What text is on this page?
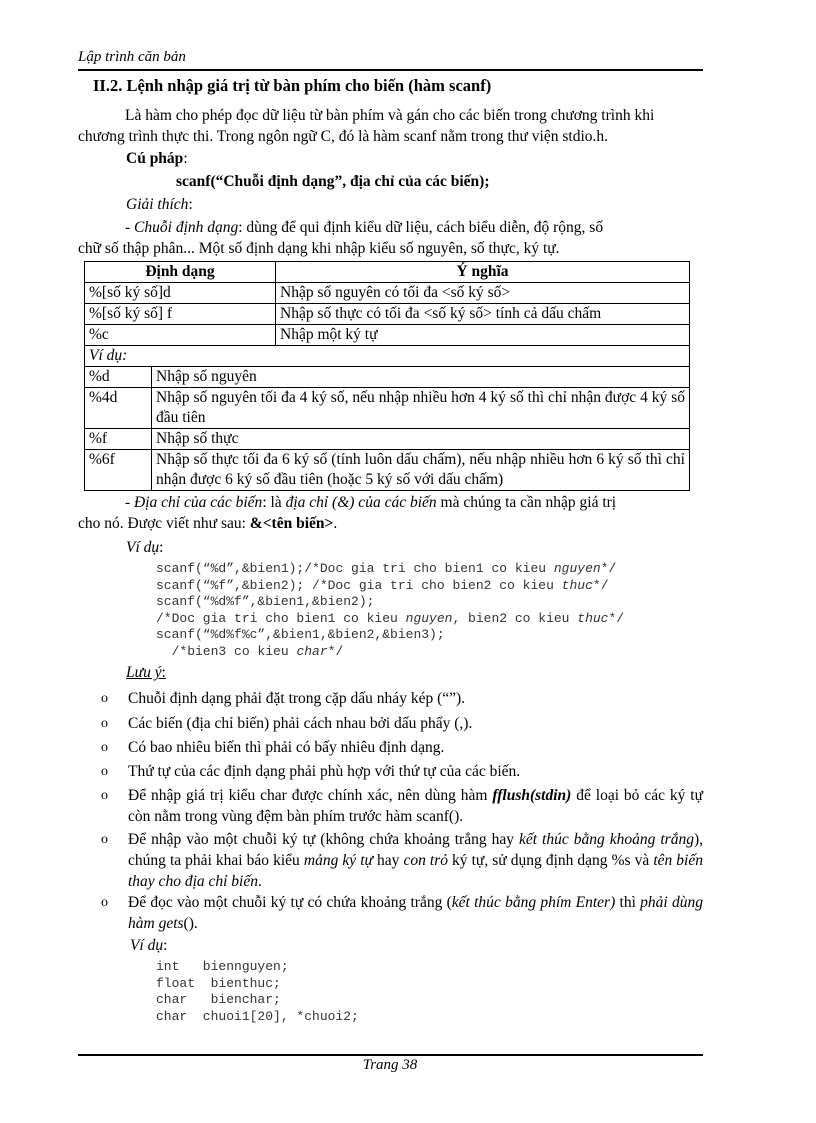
Lập trình căn bản
II.2. Lệnh nhập giá trị từ bàn phím cho biến (hàm scanf)
Là hàm cho phép đọc dữ liệu từ bàn phím và gán cho các biến trong chương trình khi
chương trình thực thi. Trong ngôn ngữ C, đó là hàm scanf nằm trong thư viện stdio.h.
Cú pháp:
scanf(“Chuỗi định dạng”, địa chỉ của các biến);
Giải thích:
- Chuỗi định dạng: dùng để qui định kiểu dữ liệu, cách biểu diễn, độ rộng, số
chữ số thập phân... Một số định dạng khi nhập kiểu số nguyên, số thực, ký tự.
Định dạng		Ý nghĩa
%[số ký số]d		Nhập số nguyên có tối đa <số ký số>
%[số ký số] f		Nhập số thực có tối đa <số ký số> tính cả dấu chấm
%c		Nhập một ký tự
Ví dụ:		
%d	Nhập số nguyên	
%4d	Nhập số nguyên tối đa 4 ký số, nếu nhập nhiều hơn 4 ký số thì chỉ nhận được 4 ký số đầu tiên	
%f	Nhập số thực	
%6f	Nhập số thực tối đa 6 ký số (tính luôn dấu chấm), nếu nhập nhiều hơn 6 ký số thì chỉ nhận được 6 ký số đầu tiên (hoặc 5 ký số với dấu chấm)	
- Địa chỉ của các biến: là địa chỉ (&) của các biến mà chúng ta cần nhập giá trị
cho nó. Được viết như sau: &<tên biến>.
Ví dụ:
scanf(“%d”,&bien1);/*Doc gia tri cho bien1 co kieu nguyen*/
scanf(“%f”,&bien2); /*Doc gia tri cho bien2 co kieu thuc*/
scanf(“%d%f”,&bien1,&bien2);
/*Doc gia tri cho bien1 co kieu nguyen, bien2 co kieu thuc*/
scanf(“%d%f%c”,&bien1,&bien2,&bien3);
/*bien3 co kieu char*/
Lưu ý:
o Chuỗi định dạng phải đặt trong cặp dấu nháy kép (“”).
o Các biến (địa chỉ biến) phải cách nhau bởi dấu phẩy (,).
o Có bao nhiêu biến thì phải có bấy nhiêu định dạng.
o Thứ tự của các định dạng phải phù hợp với thứ tự của các biến.
o Để nhập giá trị kiểu char được chính xác, nên dùng hàm fflush(stdin) để loại bỏ các ký tự còn nằm trong vùng đệm bàn phím trước hàm scanf().
o Để nhập vào một chuỗi ký tự (không chứa khoảng trắng hay kết thúc bằng khoảng trắng), chúng ta phải khai báo kiểu mảng ký tự hay con trỏ ký tự, sử dụng định dạng %s và tên biến thay cho địa chỉ biến.
o Để đọc vào một chuỗi ký tự có chứa khoảng trắng (kết thúc bằng phím Enter) thì phải dùng hàm gets().
Ví dụ:
int   biennguyen;
float  bienthuc;
char   bienchar;
char  chuoi1[20], *chuoi2;
Trang 38
